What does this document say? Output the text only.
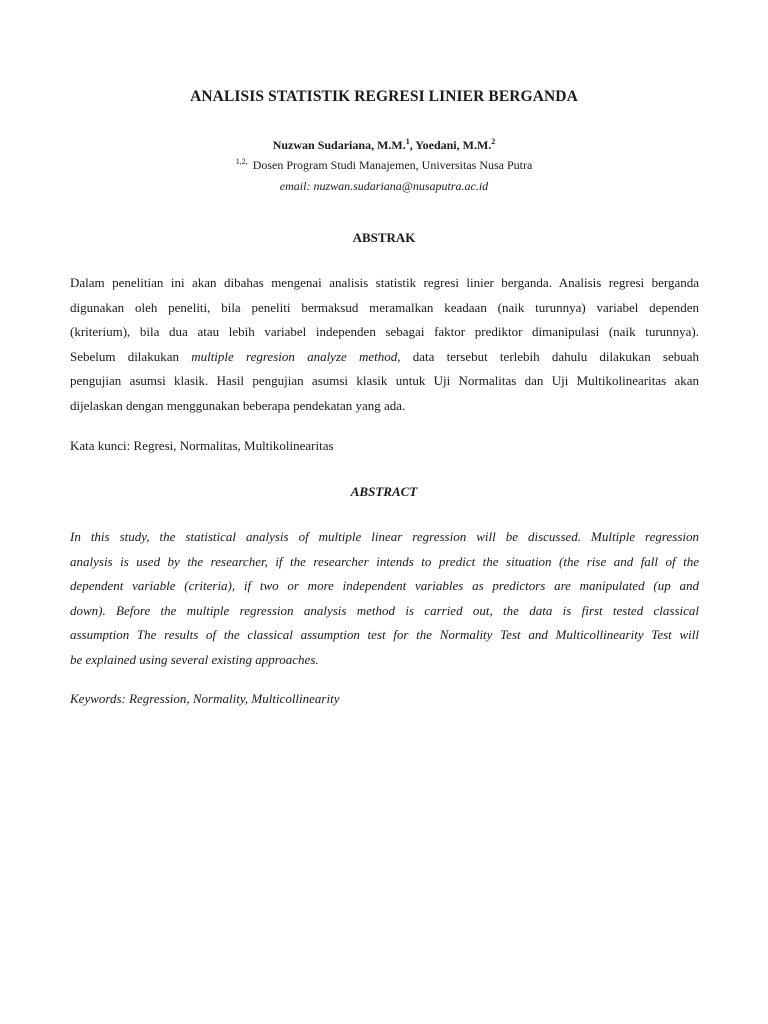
ANALISIS STATISTIK REGRESI LINIER BERGANDA
Nuzwan Sudariana, M.M.$^1$, Yoedani, M.M.$^2$
$^{1,2,}$ Dosen Program Studi Manajemen, Universitas Nusa Putra
email: nuzwan.sudariana@nusaputra.ac.id
ABSTRAK
Dalam penelitian ini akan dibahas mengenai analisis statistik regresi linier berganda. Analisis regresi berganda
digunakan oleh peneliti, bila peneliti bermaksud meramalkan keadaan (naik turunnya) variabel dependen
(kriterium), bila dua atau lebih variabel independen sebagai faktor prediktor dimanipulasi (naik turunnya).
Sebelum dilakukan multiple regresion analyze method, data tersebut terlebih dahulu dilakukan sebuah
pengujian asumsi klasik. Hasil pengujian asumsi klasik untuk Uji Normalitas dan Uji Multikolinearitas akan
dijelaskan dengan menggunakan beberapa pendekatan yang ada.
Kata kunci: Regresi, Normalitas, Multikolinearitas
ABSTRACT
In this study, the statistical analysis of multiple linear regression will be discussed. Multiple regression
analysis is used by the researcher, if the researcher intends to predict the situation (the rise and fall of the
dependent variable (criteria), if two or more independent variables as predictors are manipulated (up and
down). Before the multiple regression analysis method is carried out, the data is first tested classical
assumption The results of the classical assumption test for the Normality Test and Multicollinearity Test will
be explained using several existing approaches.
Keywords: Regression, Normality, Multicollinearity
